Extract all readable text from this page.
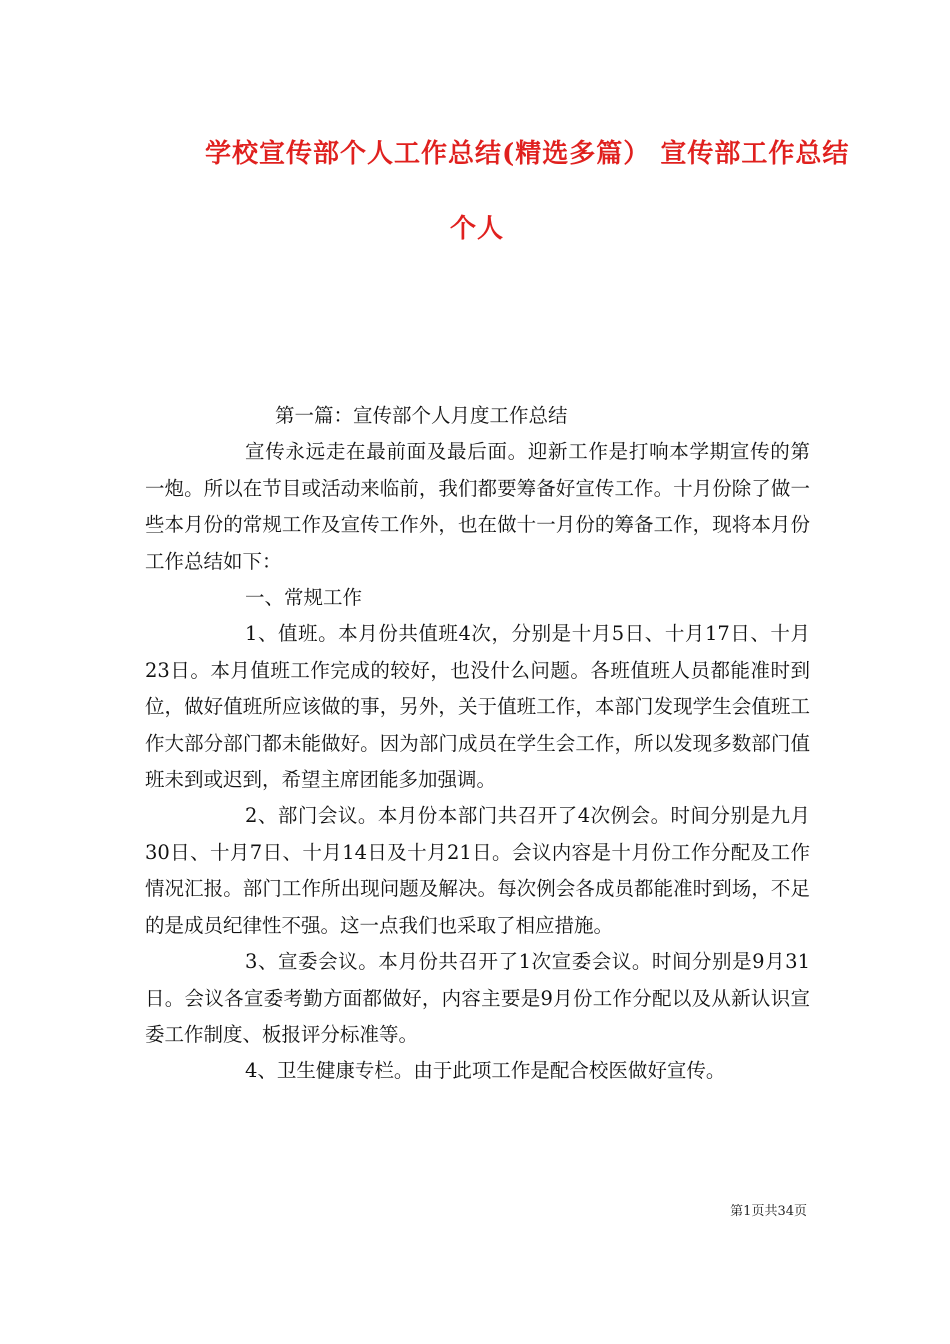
学校宣传部个人工作总结(精选多篇） 宣传部工作总结
个人

第一篇：宣传部个人月度工作总结

宣传永远走在最前面及最后面。迎新工作是打响本学期宣传的第一炮。所以在节目或活动来临前，我们都要筹备好宣传工作。十月份除了做一些本月份的常规工作及宣传工作外，也在做十一月份的筹备工作，现将本月份工作总结如下：

一、常规工作

1、值班。本月份共值班4次，分别是十月5日、十月17日、十月23日。本月值班工作完成的较好，也没什么问题。各班值班人员都能准时到位，做好值班所应该做的事，另外，关于值班工作，本部门发现学生会值班工作大部分部门都未能做好。因为部门成员在学生会工作，所以发现多数部门值班未到或迟到，希望主席团能多加强调。

2、部门会议。本月份本部门共召开了4次例会。时间分别是九月30日、十月7日、十月14日及十月21日。会议内容是十月份工作分配及工作情况汇报。部门工作所出现问题及解决。每次例会各成员都能准时到场，不足的是成员纪律性不强。这一点我们也采取了相应措施。

3、宣委会议。本月份共召开了1次宣委会议。时间分别是9月31日。会议各宣委考勤方面都做好，内容主要是9月份工作分配以及从新认识宣委工作制度、板报评分标准等。

4、卫生健康专栏。由于此项工作是配合校医做好宣传。

第1页共34页
